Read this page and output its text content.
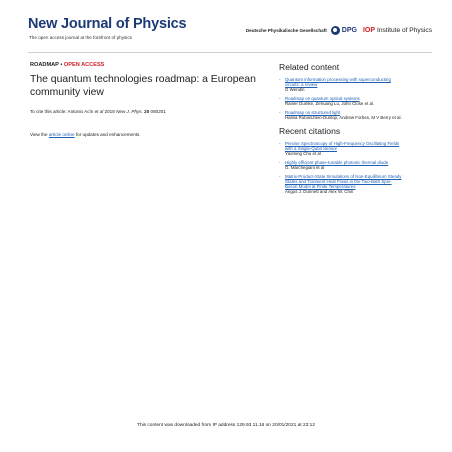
New Journal of Physics
The open access journal at the forefront of physics
Deutsche Physikalische Gesellschaft DPG IOP Institute of Physics
ROADMAP • OPEN ACCESS
The quantum technologies roadmap: a European community view
To cite this article: Antonio Acín et al 2018 New J. Phys. 20 080201
View the article online for updates and enhancements.
Related content
-	Quantum information processing with superconducting circuits: a review
G Wendin
-	Roadmap on quantum optical systems
Rainer Dumke, Zehuang Lu, John Close et al.
-	Roadmap on structured light
Halina Rubinsztein-Dunlop, Andrew Forbes, M V Berry et al.
Recent citations
-	Precise Spectroscopy of High-Frequency Oscillating Fields with a Single-Qubit Sensor
Yaoming Chu et al
-	Highly efficient phase-tunable photonic thermal diode
G. Marchegiani et al
-	Matrix-Product-State Simulations of Non-Equilibrium Steady States and Transient Heat Flows in the Two-Bath Spin-Boson Model at Finite Temperatures
Angus J. Dunnett and Alex W. Chin
This content was downloaded from IP address 129.93.11.16 on 20/01/2021 at 23:12
